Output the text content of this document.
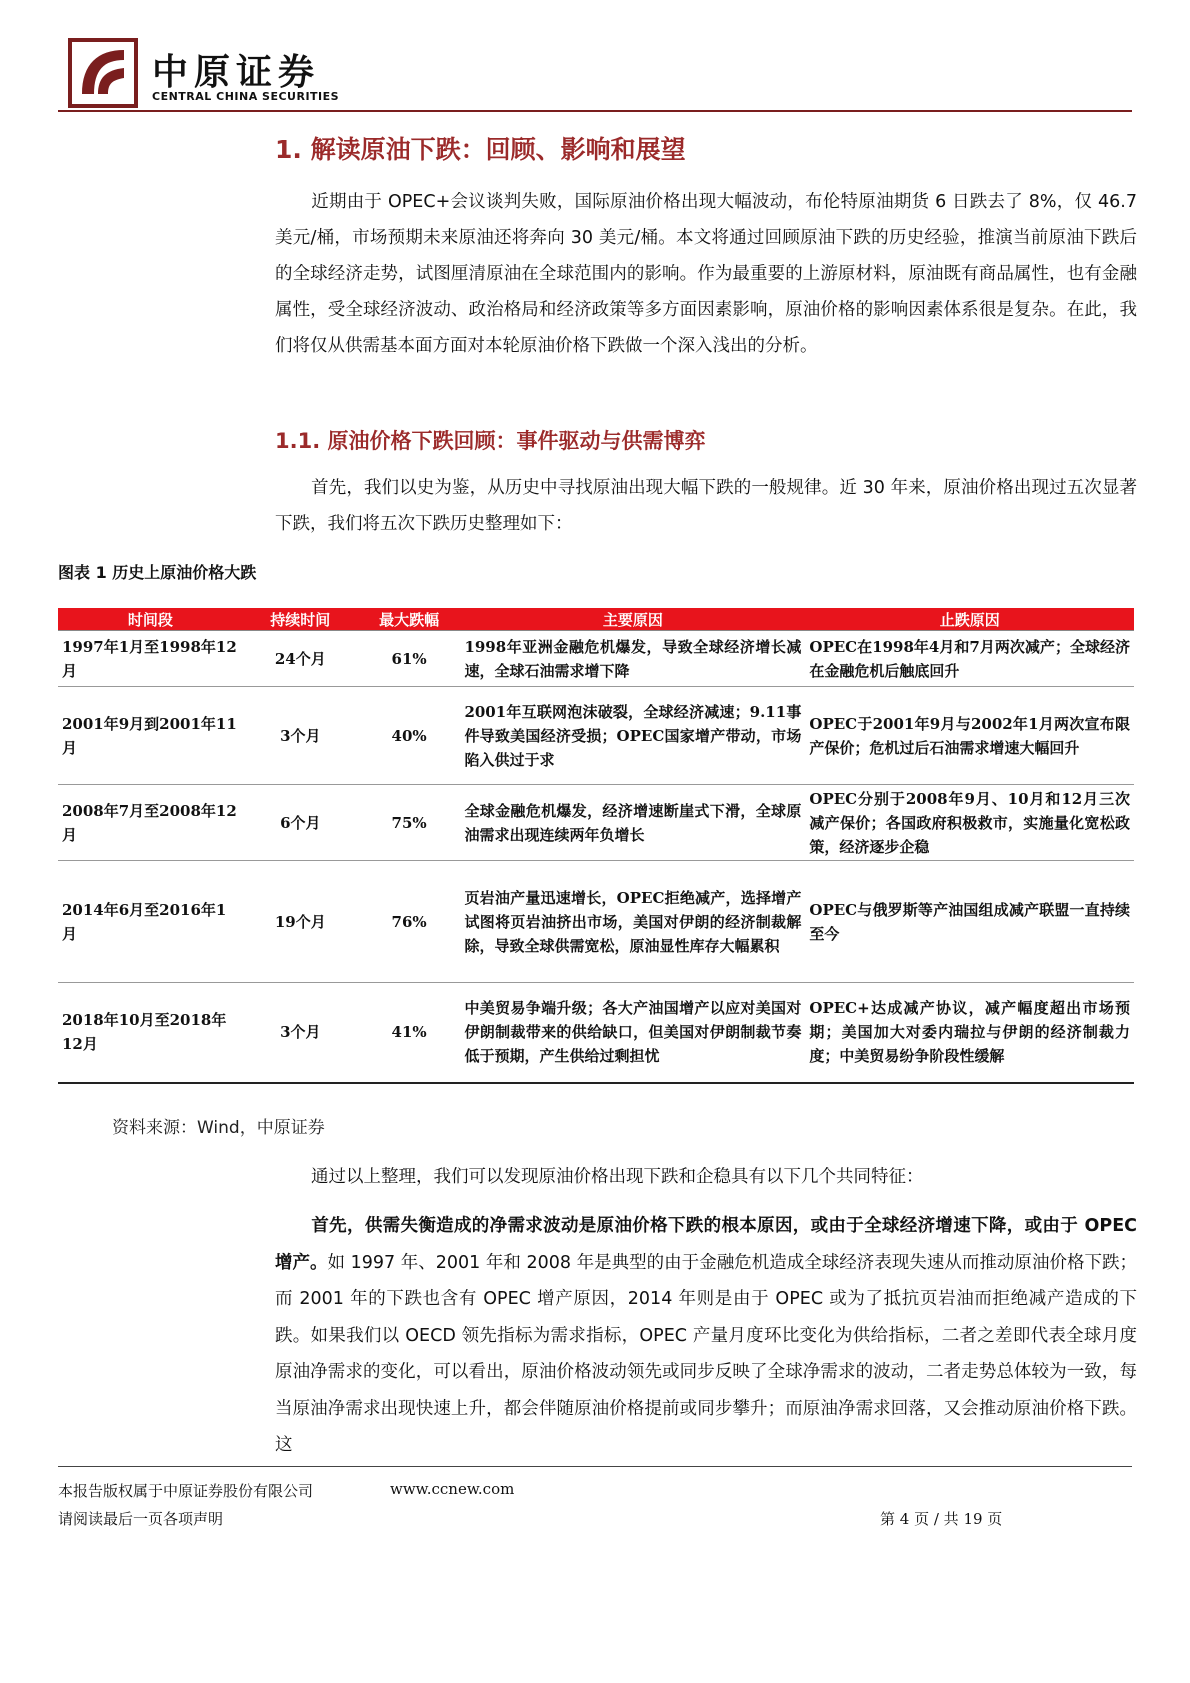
中原证券
CENTRAL CHINA SECURITIES
1. 解读原油下跌：回顾、影响和展望
近期由于 OPEC+会议谈判失败，国际原油价格出现大幅波动，布伦特原油期货 6 日跌去了 8%，仅 46.7 美元/桶，市场预期未来原油还将奔向 30 美元/桶。本文将通过回顾原油下跌的历史经验，推演当前原油下跌后的全球经济走势，试图厘清原油在全球范围内的影响。作为最重要的上游原材料，原油既有商品属性，也有金融属性，受全球经济波动、政治格局和经济政策等多方面因素影响，原油价格的影响因素体系很是复杂。在此，我们将仅从供需基本面方面对本轮原油价格下跌做一个深入浅出的分析。
1.1. 原油价格下跌回顾：事件驱动与供需博弈
首先，我们以史为鉴，从历史中寻找原油出现大幅下跌的一般规律。近 30 年来，原油价格出现过五次显著下跌，我们将五次下跌历史整理如下：
图表 1 历史上原油价格大跌
时间段	持续时间	最大跌幅	主要原因	止跌原因
1997年1月至1998年12月	24个月	61%	1998年亚洲金融危机爆发，导致全球经济增长减速，全球石油需求增下降	OPEC在1998年4月和7月两次减产；全球经济在金融危机后触底回升
2001年9月到2001年11月	3个月	40%	2001年互联网泡沫破裂，全球经济减速；9.11事件导致美国经济受损；OPEC国家增产带动，市场陷入供过于求	OPEC于2001年9月与2002年1月两次宣布限产保价；危机过后石油需求增速大幅回升
2008年7月至2008年12月	6个月	75%	全球金融危机爆发，经济增速断崖式下滑，全球原油需求出现连续两年负增长	OPEC分别于2008年9月、10月和12月三次减产保价；各国政府积极救市，实施量化宽松政策，经济逐步企稳
2014年6月至2016年1月	19个月	76%	页岩油产量迅速增长，OPEC拒绝减产，选择增产试图将页岩油挤出市场，美国对伊朗的经济制裁解除，导致全球供需宽松，原油显性库存大幅累积	OPEC与俄罗斯等产油国组成减产联盟一直持续至今
2018年10月至2018年12月	3个月	41%	中美贸易争端升级；各大产油国增产以应对美国对伊朗制裁带来的供给缺口，但美国对伊朗制裁节奏低于预期，产生供给过剩担忧	OPEC+达成减产协议，减产幅度超出市场预期；美国加大对委内瑞拉与伊朗的经济制裁力度；中美贸易纷争阶段性缓解
资料来源：Wind，中原证券
通过以上整理，我们可以发现原油价格出现下跌和企稳具有以下几个共同特征：
首先，供需失衡造成的净需求波动是原油价格下跌的根本原因，或由于全球经济增速下降，或由于 OPEC 增产。如 1997 年、2001 年和 2008 年是典型的由于金融危机造成全球经济表现失速从而推动原油价格下跌；而 2001 年的下跌也含有 OPEC 增产原因，2014 年则是由于 OPEC 或为了抵抗页岩油而拒绝减产造成的下跌。如果我们以 OECD 领先指标为需求指标，OPEC 产量月度环比变化为供给指标，二者之差即代表全球月度原油净需求的变化，可以看出，原油价格波动领先或同步反映了全球净需求的波动，二者走势总体较为一致，每当原油净需求出现快速上升，都会伴随原油价格提前或同步攀升；而原油净需求回落，又会推动原油价格下跌。这
本报告版权属于中原证券股份有限公司	www.ccnew.com
请阅读最后一页各项声明	第 4 页 / 共 19 页
